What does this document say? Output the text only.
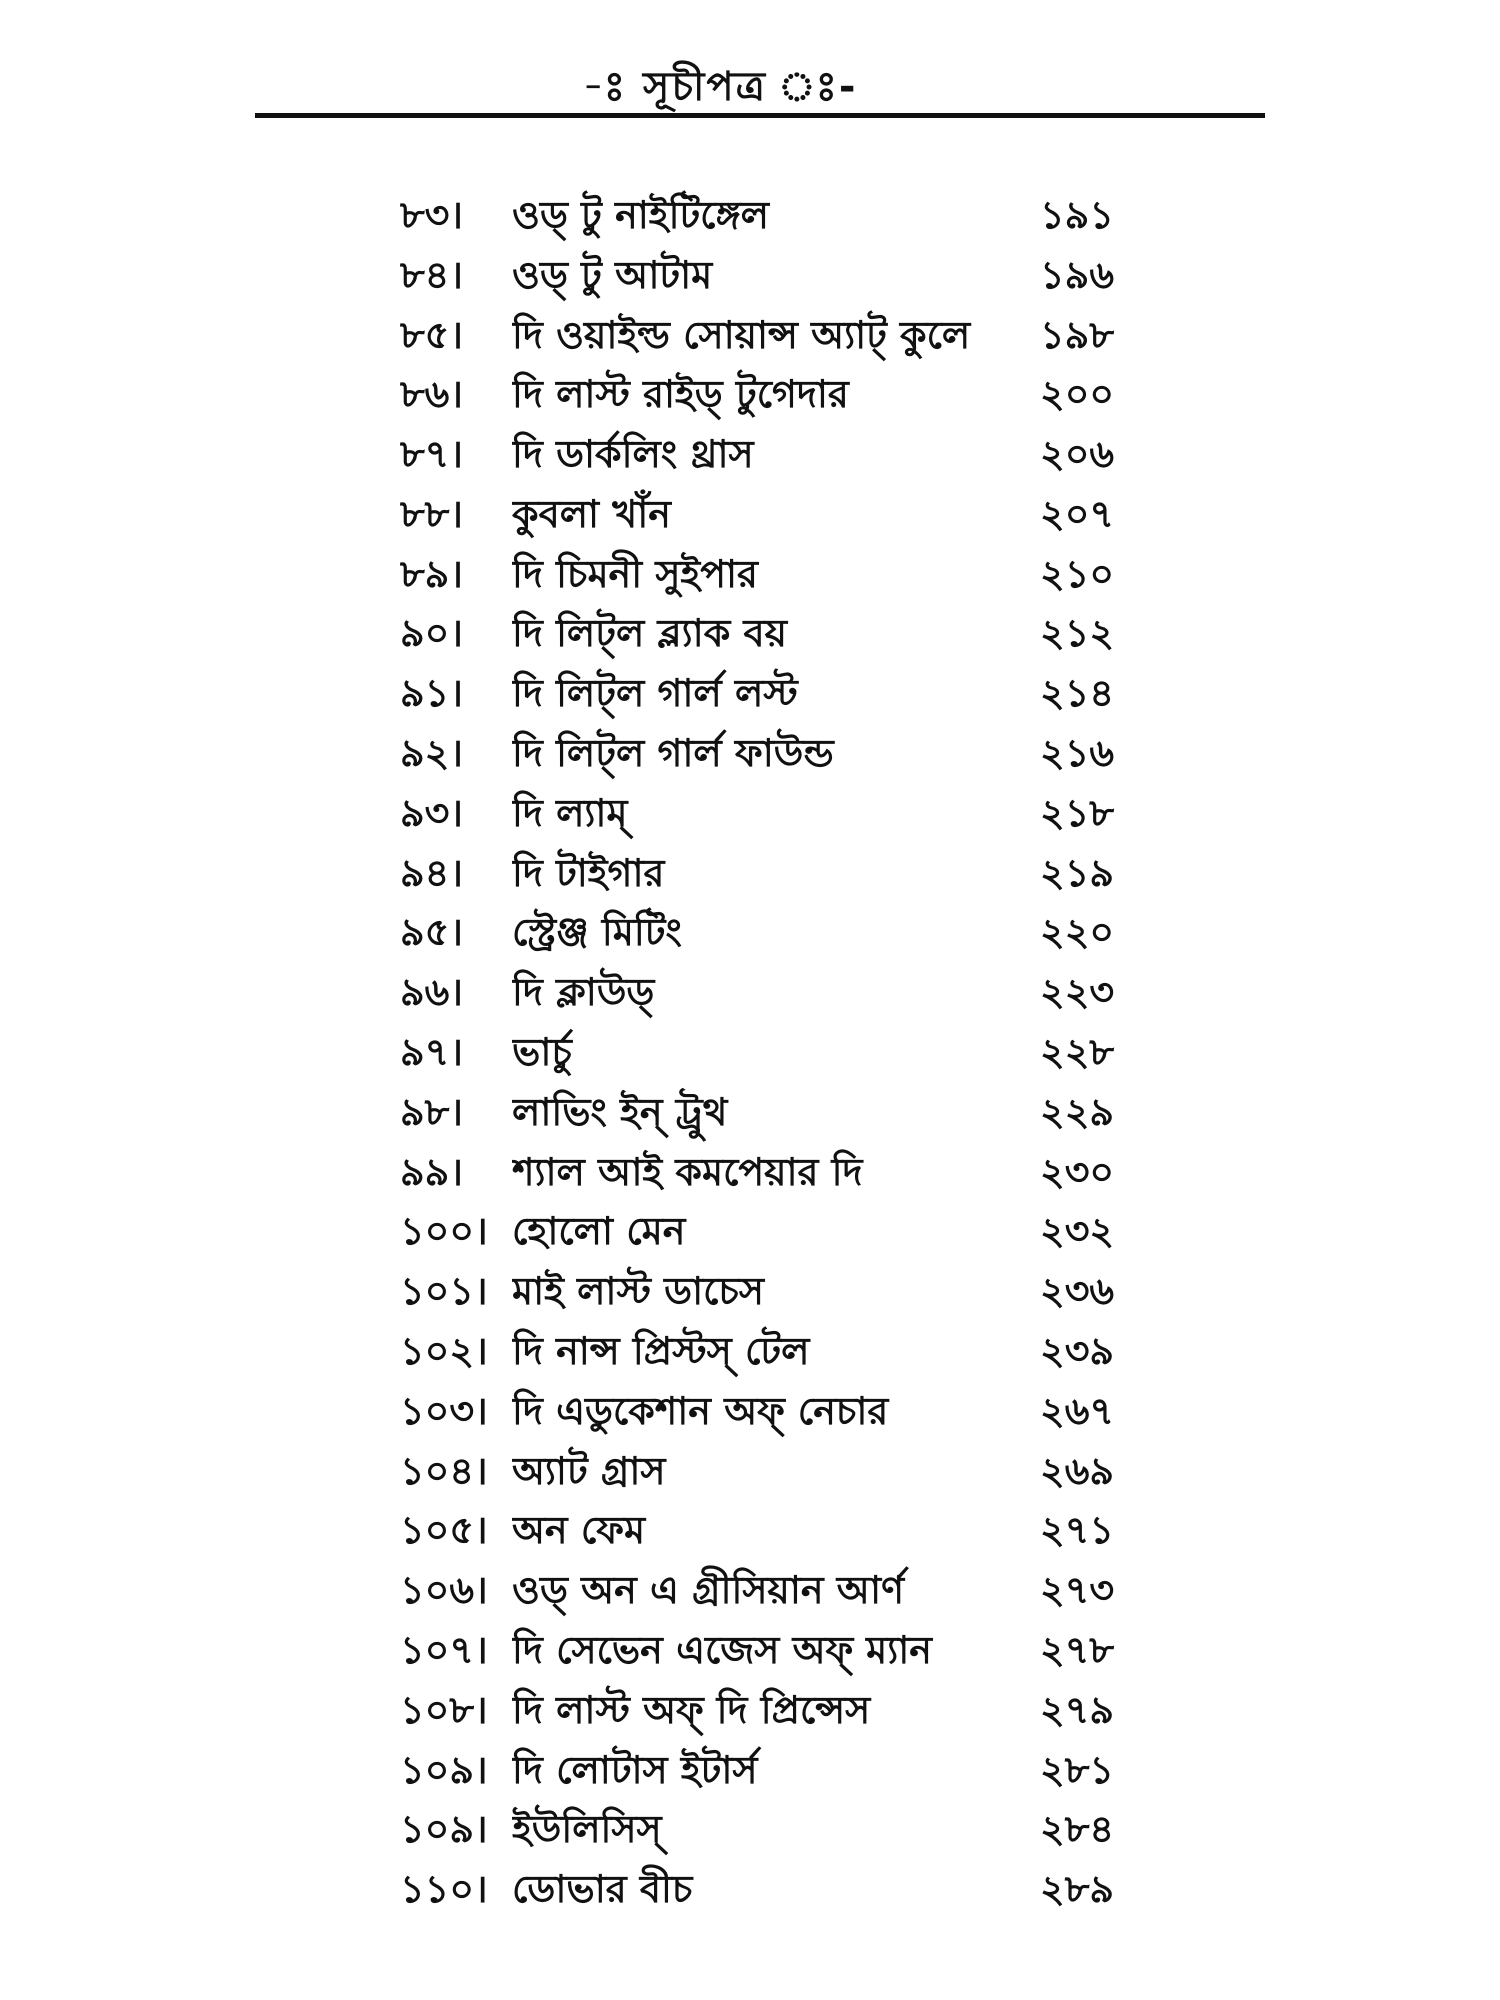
-ঃ সূচীপত্র ঃ-
৮৩।	ওড্ টু নাইটিঙ্গেল	১৯১
৮৪।	ওড্ টু আটাম	১৯৬
৮৫।	দি ওয়াইল্ড সোয়ান্স অ্যাট্ কুলে	১৯৮
৮৬।	দি লাস্ট রাইড্ টুগেদার	২০০
৮৭।	দি ডার্কলিং থ্রাস	২০৬
৮৮।	কুবলা খাঁন	২০৭
৮৯।	দি চিমনী সুইপার	২১০
৯০।	দি লিট্‌ল ব্ল্যাক বয়	২১২
৯১।	দি লিট্‌ল গার্ল লস্ট	২১৪
৯২।	দি লিট্‌ল গার্ল ফাউন্ড	২১৬
৯৩।	দি ল্যাম্	২১৮
৯৪।	দি টাইগার	২১৯
৯৫।	স্ট্রেঞ্জ মিটিং	২২০
৯৬।	দি ক্লাউড্	২২৩
৯৭।	ভার্চু	২২৮
৯৮।	লাভিং ইন্ ট্রুথ	২২৯
৯৯।	শ্যাল আই কমপেয়ার দি	২৩০
১০০। হোলো মেন	২৩২
১০১। মাই লাস্ট ডাচেস	২৩৬
১০২। দি নান্স প্রিস্টস্ টেল	২৩৯
১০৩। দি এডুকেশান অফ্ নেচার	২৬৭
১০৪। অ্যাট গ্রাস	২৬৯
১০৫। অন ফেম	২৭১
১০৬। ওড্ অন এ গ্রীসিয়ান আর্ণ	২৭৩
১০৭। দি সেভেন এজেস অফ্ ম্যান	২৭৮
১০৮। দি লাস্ট অফ্ দি প্রিন্সেস	২৭৯
১০৯। দি লোটাস ইটার্স	২৮১
১০৯। ইউলিসিস্	২৮৪
১১০। ডোভার বীচ	২৮৯
